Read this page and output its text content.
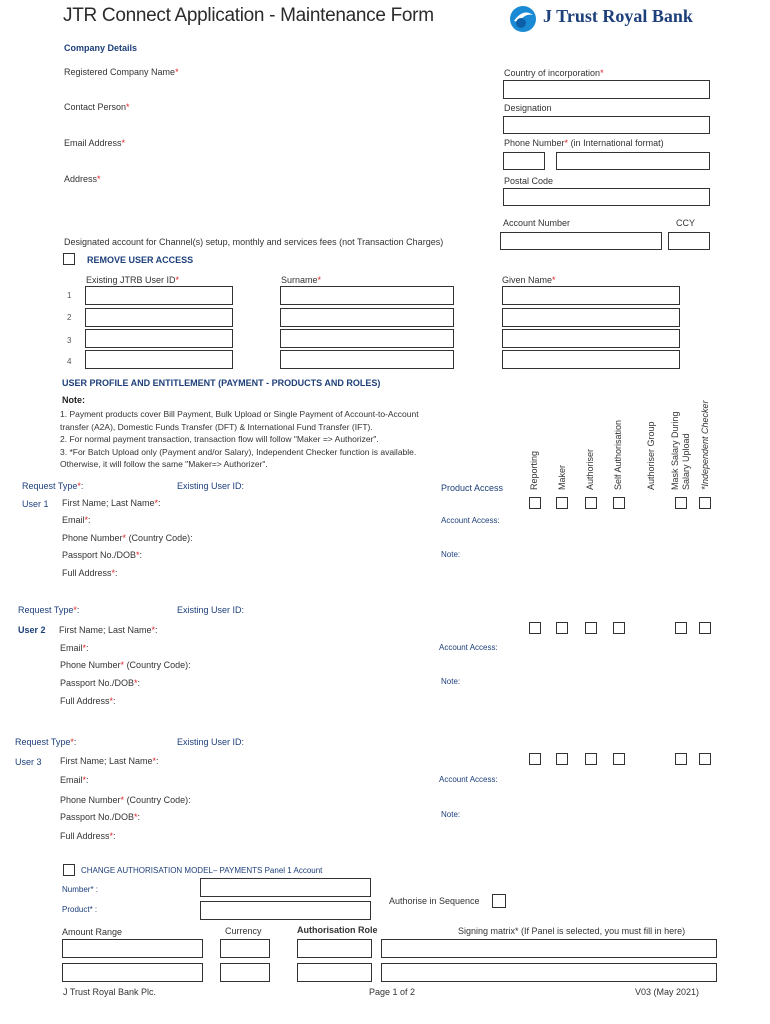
JTR Connect Application - Maintenance Form	J Trust Royal Bank
Company Details
Registered Company Name*	Country of incorporation*
Contact Person*	Designation
Email Address*	Phone Number* (in International format)
Address*	Postal Code
Account Number	CCY
Designated account for Channel(s) setup, monthly and services fees (not Transaction Charges)
REMOVE USER ACCESS
Existing JTRB User ID*	Surname*	Given Name*
1
2
3
4
USER PROFILE AND ENTITLEMENT (PAYMENT - PRODUCTS AND ROLES)
Note:
1. Payment products cover Bill Payment, Bulk Upload or Single Payment of Account-to-Account
transfer (A2A), Domestic Funds Transfer (DFT) & International Fund Transfer (IFT).
2. For normal payment transaction, transaction flow will follow "Maker => Authorizer".
3. *For Batch Upload only (Payment and/or Salary), Independent Checker function is available.
Otherwise, it will follow the same "Maker=> Authorizer".	Reporting Maker Authoriser Self Authorisation	Authoriser Group Mask Salary During Salary Upload *Independent Checker
Request Type*:	Existing User ID:	Product Access
User 1 First Name; Last Name*:
Email*:	Account Access:
Phone Number* (Country Code):
Passport No./DOB*:	Note:
Full Address*:
Request Type*:	Existing User ID:
User 2 First Name; Last Name*:
Email*:	Account Access:
Phone Number* (Country Code):
Passport No./DOB*:	Note:
Full Address*:
Request Type*:	Existing User ID:
User 3 First Name; Last Name*:
Email*:	Account Access:
Phone Number* (Country Code):
Passport No./DOB*:	Note:
Full Address*:
CHANGE AUTHORISATION MODEL– PAYMENTS Panel 1 Account
Number* :
Product* :
Authorise in Sequence
Amount Range	Currency	Authorisation Role	Signing matrix* (If Panel is selected, you must fill in here)
J Trust Royal Bank Plc.	Page 1 of 2	V03 (May 2021)
